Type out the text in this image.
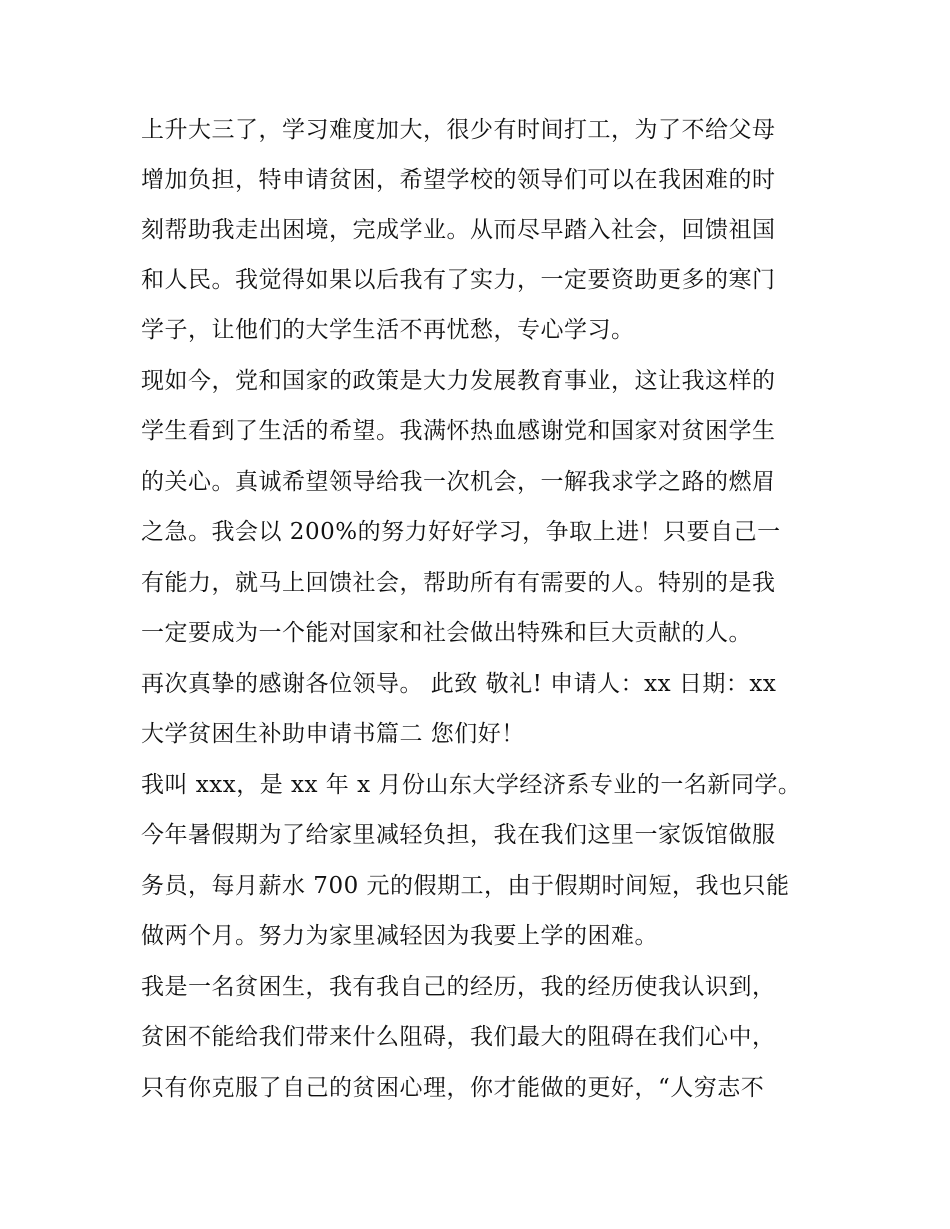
上升大三了，学习难度加大，很少有时间打工，为了不给父母
增加负担，特申请贫困，希望学校的领导们可以在我困难的时
刻帮助我走出困境，完成学业。从而尽早踏入社会，回馈祖国
和人民。我觉得如果以后我有了实力，一定要资助更多的寒门
学子，让他们的大学生活不再忧愁，专心学习。
现如今，党和国家的政策是大力发展教育事业，这让我这样的
学生看到了生活的希望。我满怀热血感谢党和国家对贫困学生
的关心。真诚希望领导给我一次机会，一解我求学之路的燃眉
之急。我会以 200%的努力好好学习，争取上进！只要自己一
有能力，就马上回馈社会，帮助所有有需要的人。特别的是我
一定要成为一个能对国家和社会做出特殊和巨大贡献的人。
再次真挚的感谢各位领导。 此致 敬礼! 申请人：xx 日期：xx
大学贫困生补助申请书篇二 您们好！
我叫 xxx，是 xx 年 x 月份山东大学经济系专业的一名新同学。
今年暑假期为了给家里减轻负担，我在我们这里一家饭馆做服
务员，每月薪水 700 元的假期工，由于假期时间短，我也只能
做两个月。努力为家里减轻因为我要上学的困难。
我是一名贫困生，我有我自己的经历，我的经历使我认识到，
贫困不能给我们带来什么阻碍，我们最大的阻碍在我们心中，
只有你克服了自己的贫困心理，你才能做的更好，“人穷志不
